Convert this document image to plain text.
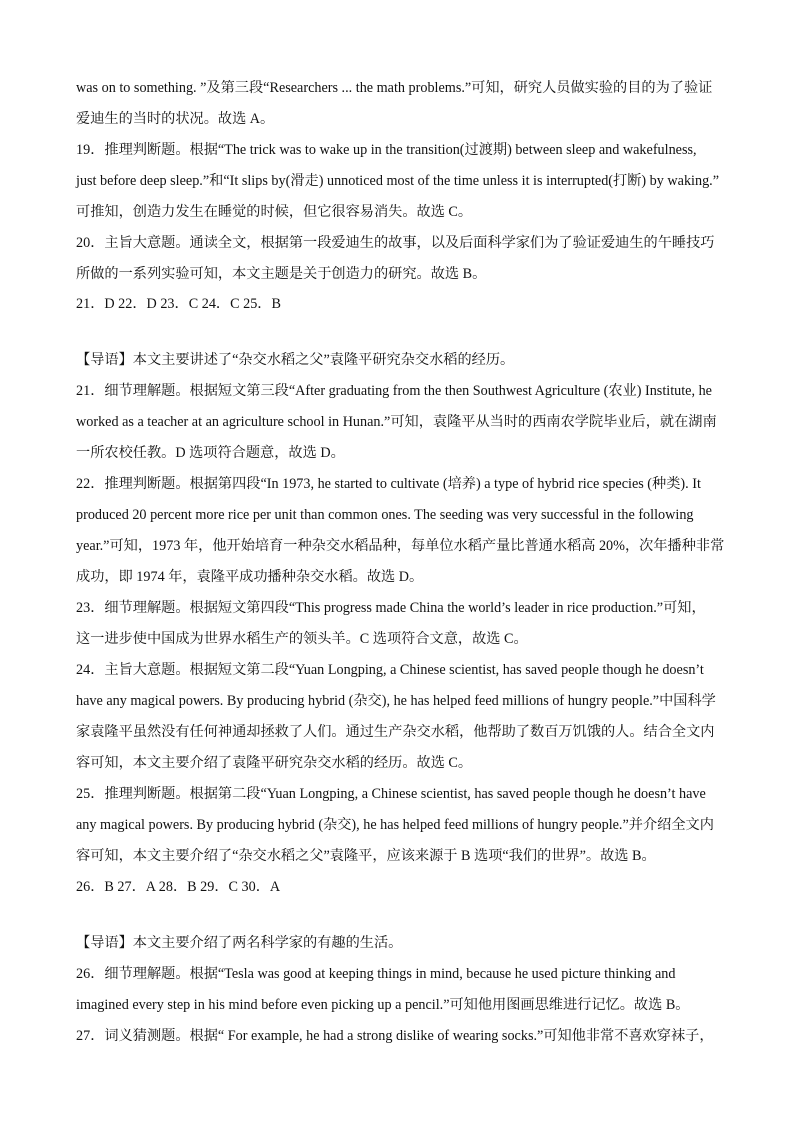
was on to something. ”及第三段“Researchers ... the math problems.”可知，研究人员做实验的目的为了验证
爱迪生的当时的状况。故选 A。
19．推理判断题。根据“The trick was to wake up in the transition(过渡期) between sleep and wakefulness,
just before deep sleep.”和“It slips by(滑走) unnoticed most of the time unless it is interrupted(打断) by waking.”
可推知，创造力发生在睡觉的时候，但它很容易消失。故选 C。
20．主旨大意题。通读全文，根据第一段爱迪生的故事，以及后面科学家们为了验证爱迪生的午睡技巧
所做的一系列实验可知，本文主题是关于创造力的研究。故选 B。
21．D 22．D 23．C 24．C 25．B
【导语】本文主要讲述了“杂交水稻之父”袁隆平研究杂交水稻的经历。
21．细节理解题。根据短文第三段“After graduating from the then Southwest Agriculture (农业) Institute, he
worked as a teacher at an agriculture school in Hunan.”可知，袁隆平从当时的西南农学院毕业后，就在湖南
一所农校任教。D 选项符合题意，故选 D。
22．推理判断题。根据第四段“In 1973, he started to cultivate (培养) a type of hybrid rice species (种类). It
produced 20 percent more rice per unit than common ones. The seeding was very successful in the following
year.”可知，1973 年，他开始培育一种杂交水稻品种，每单位水稻产量比普通水稻高 20%，次年播种非常
成功，即 1974 年，袁隆平成功播种杂交水稻。故选 D。
23．细节理解题。根据短文第四段“This progress made China the world’s leader in rice production.”可知，
这一进步使中国成为世界水稻生产的领头羊。C 选项符合文意，故选 C。
24．主旨大意题。根据短文第二段“Yuan Longping, a Chinese scientist, has saved people though he doesn’t
have any magical powers. By producing hybrid (杂交), he has helped feed millions of hungry people.”中国科学
家袁隆平虽然没有任何神通却拯救了人们。通过生产杂交水稻，他帮助了数百万饥饿的人。结合全文内
容可知，本文主要介绍了袁隆平研究杂交水稻的经历。故选 C。
25．推理判断题。根据第二段“Yuan Longping, a Chinese scientist, has saved people though he doesn’t have
any magical powers. By producing hybrid (杂交), he has helped feed millions of hungry people.”并介绍全文内
容可知，本文主要介绍了“杂交水稻之父”袁隆平，应该来源于 B 选项“我们的世界”。故选 B。
26．B 27．A 28．B 29．C 30．A
【导语】本文主要介绍了两名科学家的有趣的生活。
26．细节理解题。根据“Tesla was good at keeping things in mind, because he used picture thinking and
imagined every step in his mind before even picking up a pencil.”可知他用图画思维进行记忆。故选 B。
27．词义猜测题。根据“ For example, he had a strong dislike of wearing socks.”可知他非常不喜欢穿袜子，
